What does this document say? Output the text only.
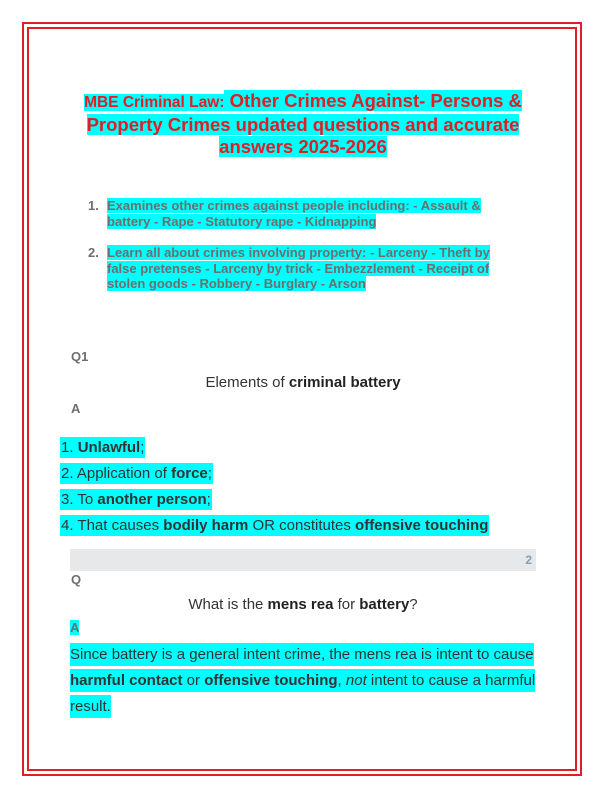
MBE Criminal Law: Other Crimes Against- Persons & Property Crimes updated questions and accurate answers 2025-2026
1. Examines other crimes against people including: - Assault & battery - Rape - Statutory rape - Kidnapping
2. Learn all about crimes involving property: - Larceny - Theft by false pretenses - Larceny by trick - Embezzlement - Receipt of stolen goods - Robbery - Burglary - Arson
Q1
Elements of criminal battery
A
1. Unlawful;
2. Application of force;
3. To another person;
4. That causes bodily harm OR constitutes offensive touching
2
Q
What is the mens rea for battery?
A
Since battery is a general intent crime, the mens rea is intent to cause harmful contact or offensive touching, not intent to cause a harmful result.
